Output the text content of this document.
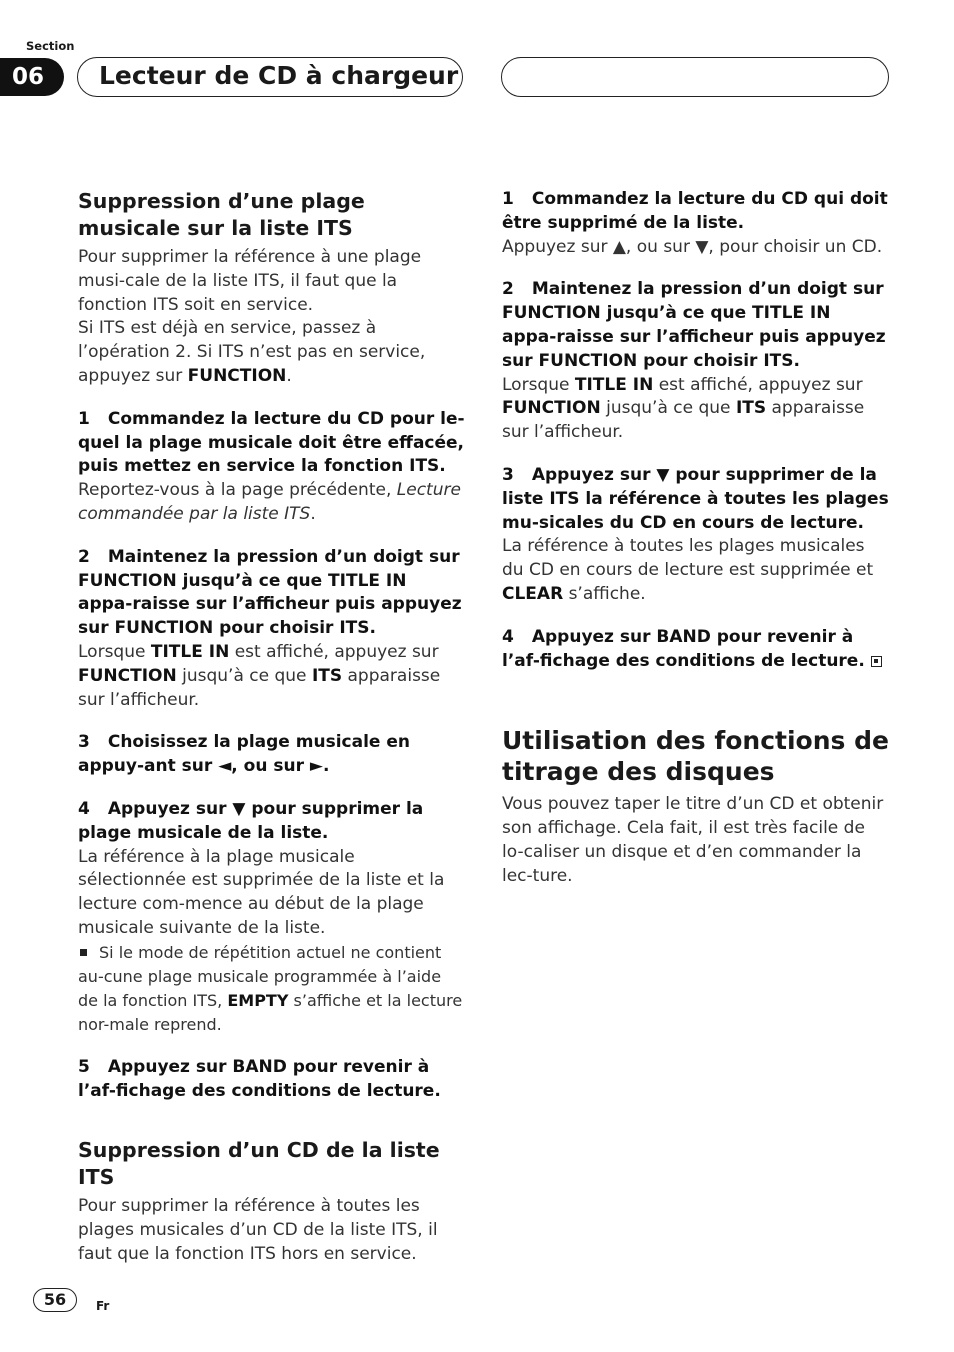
Section
06	Lecteur de CD à chargeur
Suppression d’une plage musicale sur la liste ITS

Pour supprimer la référence à une plage musi-cale de la liste ITS, il faut que la fonction ITS soit en service.

Si ITS est déjà en service, passez à l’opération 2. Si ITS n’est pas en service, appuyez sur FUNCTION.

1 Commandez la lecture du CD pour le-quel la plage musicale doit être effacée, puis mettez en service la fonction ITS.

Reportez-vous à la page précédente, Lecture commandée par la liste ITS.

2 Maintenez la pression d’un doigt sur FUNCTION jusqu’à ce que TITLE IN appa-raisse sur l’afficheur puis appuyez sur FUNCTION pour choisir ITS.

Lorsque TITLE IN est affiché, appuyez sur FUNCTION jusqu’à ce que ITS apparaisse sur l’afficheur.

3 Choisissez la plage musicale en appuy-ant sur ◄, ou sur ►.

4 Appuyez sur ▼ pour supprimer la plage musicale de la liste.

La référence à la plage musicale sélectionnée est supprimée de la liste et la lecture com-mence au début de la plage musicale suivante de la liste.

Si le mode de répétition actuel ne contient au-cune plage musicale programmée à l’aide de la fonction ITS, EMPTY s’affiche et la lecture nor-male reprend.

5 Appuyez sur BAND pour revenir à l’af-fichage des conditions de lecture.

Suppression d’un CD de la liste ITS

Pour supprimer la référence à toutes les plages musicales d’un CD de la liste ITS, il faut que la fonction ITS hors en service.

1 Commandez la lecture du CD qui doit être supprimé de la liste.

Appuyez sur ▲, ou sur ▼, pour choisir un CD.

2 Maintenez la pression d’un doigt sur FUNCTION jusqu’à ce que TITLE IN appa-raisse sur l’afficheur puis appuyez sur FUNCTION pour choisir ITS.

Lorsque TITLE IN est affiché, appuyez sur FUNCTION jusqu’à ce que ITS apparaisse sur l’afficheur.

3 Appuyez sur ▼ pour supprimer de la liste ITS la référence à toutes les plages mu-sicales du CD en cours de lecture.

La référence à toutes les plages musicales du CD en cours de lecture est supprimée et CLEAR s’affiche.

4 Appuyez sur BAND pour revenir à l’af-fichage des conditions de lecture.

Utilisation des fonctions de titrage des disques

Vous pouvez taper le titre d’un CD et obtenir son affichage. Cela fait, il est très facile de lo-caliser un disque et d’en commander la lec-ture.

56	Fr
